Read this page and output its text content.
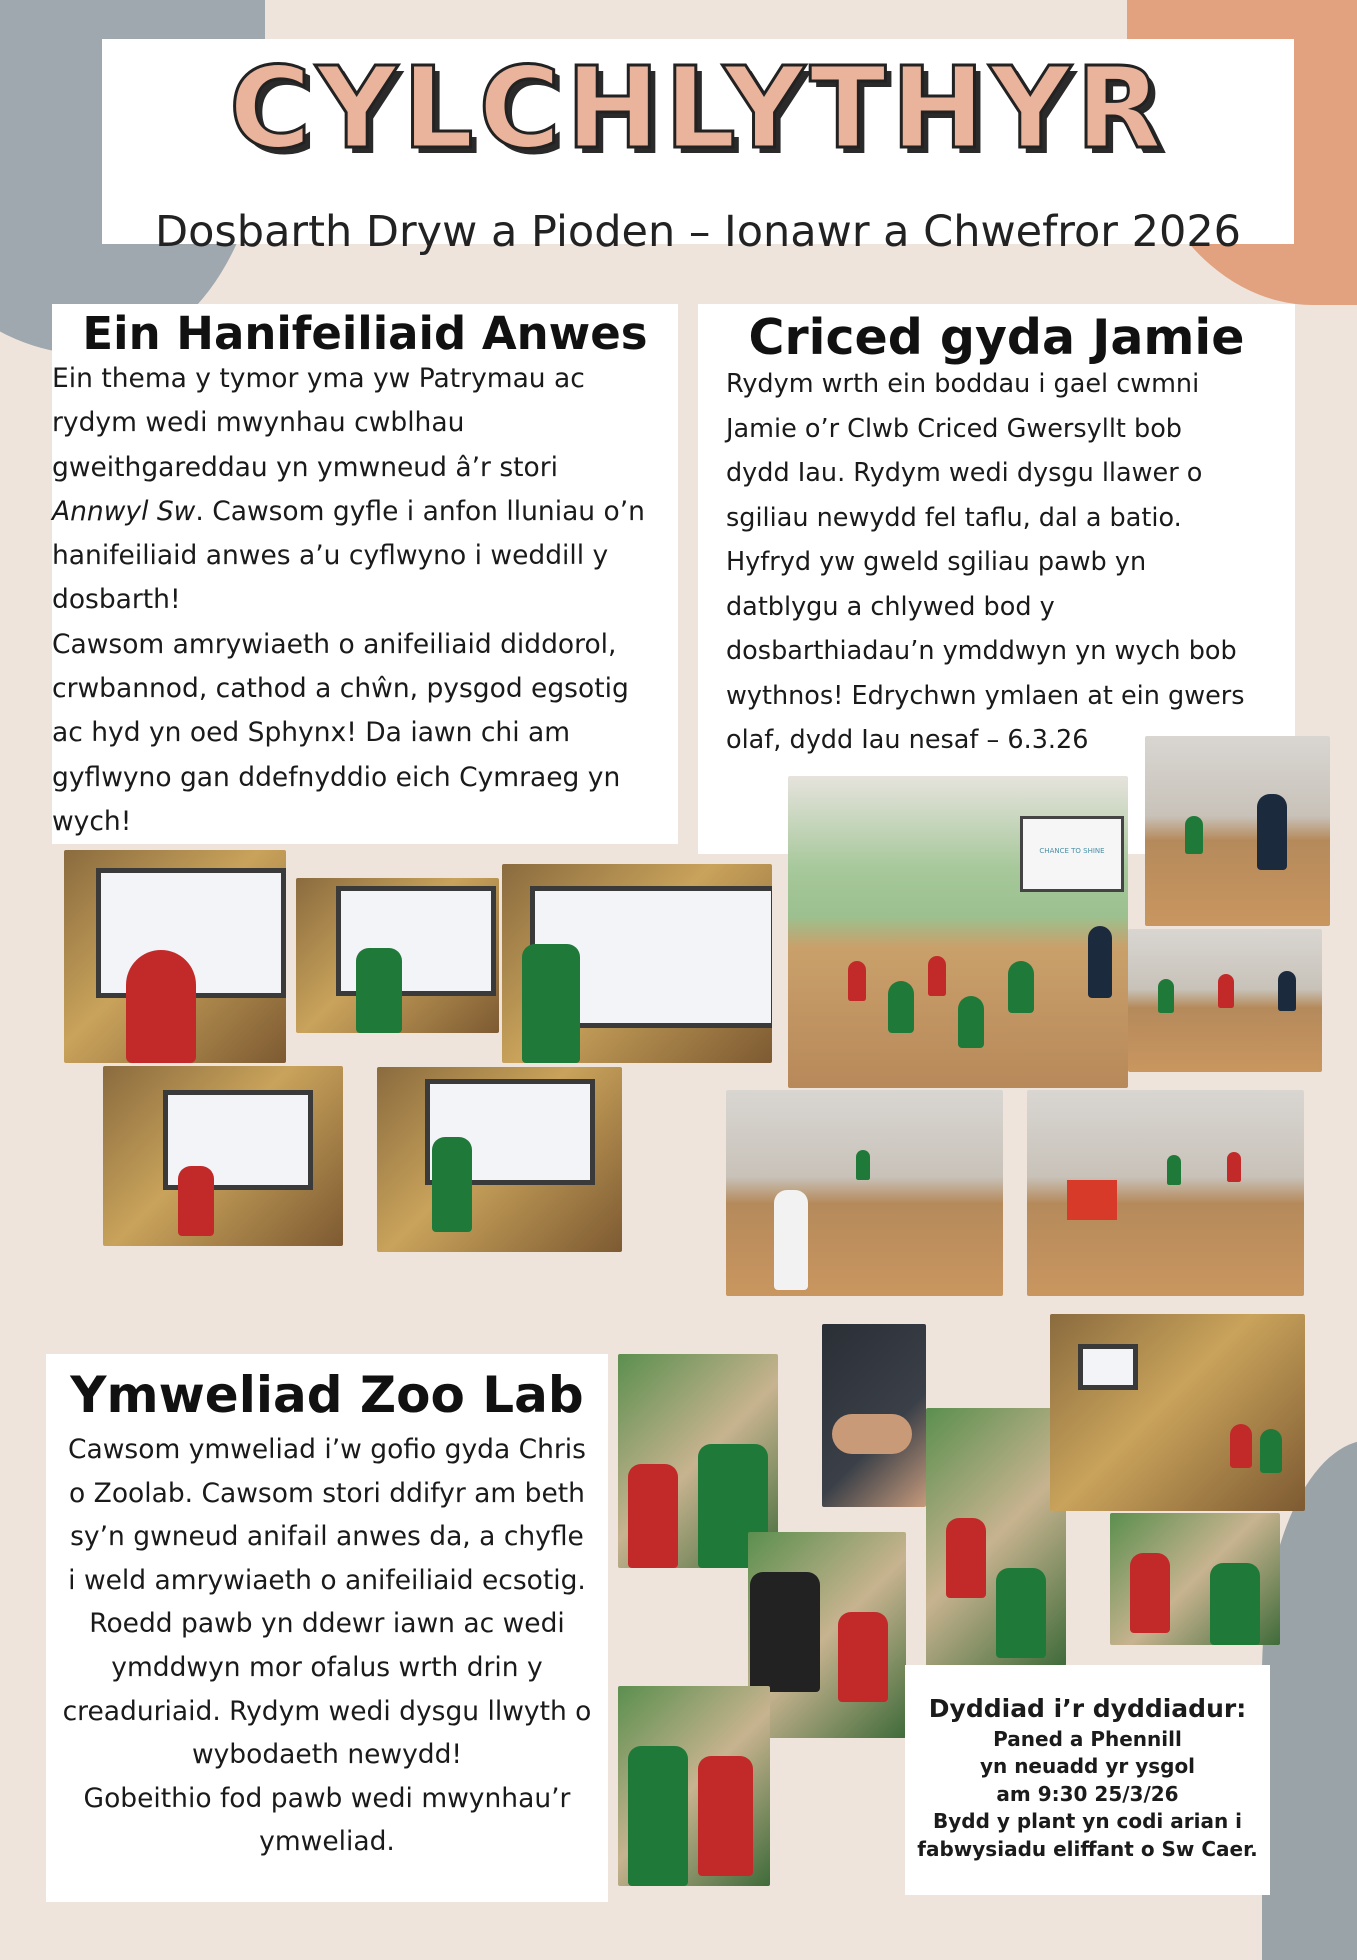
CYLCHLYTHYR
Dosbarth Dryw a Pioden – Ionawr a Chwefror 2026
Ein Hanifeiliaid Anwes

Ein thema y tymor yma yw Patrymau ac

rydym wedi mwynhau cwblhau

gweithgareddau yn ymwneud â’r stori

Annwyl Sw. Cawsom gyfle i anfon lluniau o’n

hanifeiliaid anwes a’u cyflwyno i weddill y

dosbarth!

Cawsom amrywiaeth o anifeiliaid diddorol,

crwbannod, cathod a chŵn, pysgod egsotig

ac hyd yn oed Sphynx! Da iawn chi am

gyflwyno gan ddefnyddio eich Cymraeg yn

wych!

Criced gyda Jamie

Rydym wrth ein boddau i gael cwmni

Jamie o’r Clwb Criced Gwersyllt bob

dydd Iau. Rydym wedi dysgu llawer o

sgiliau newydd fel taflu, dal a batio.

Hyfryd yw gweld sgiliau pawb yn

datblygu a chlywed bod y

dosbarthiadau’n ymddwyn yn wych bob

wythnos! Edrychwn ymlaen at ein gwers

olaf, dydd Iau nesaf – 6.3.26

CHANCE TO SHINE
Ymweliad Zoo Lab

Cawsom ymweliad i’w gofio gyda Chris

o Zoolab. Cawsom stori ddifyr am beth

sy’n gwneud anifail anwes da, a chyfle

i weld amrywiaeth o anifeiliaid ecsotig.

Roedd pawb yn ddewr iawn ac wedi

ymddwyn mor ofalus wrth drin y

creaduriaid. Rydym wedi dysgu llwyth o

wybodaeth newydd!

Gobeithio fod pawb wedi mwynhau’r

ymweliad.

Dyddiad i’r dyddiadur:
Paned a Phennill
yn neuadd yr ysgol
am 9:30 25/3/26
Bydd y plant yn codi arian i
fabwysiadu eliffant o Sw Caer.
